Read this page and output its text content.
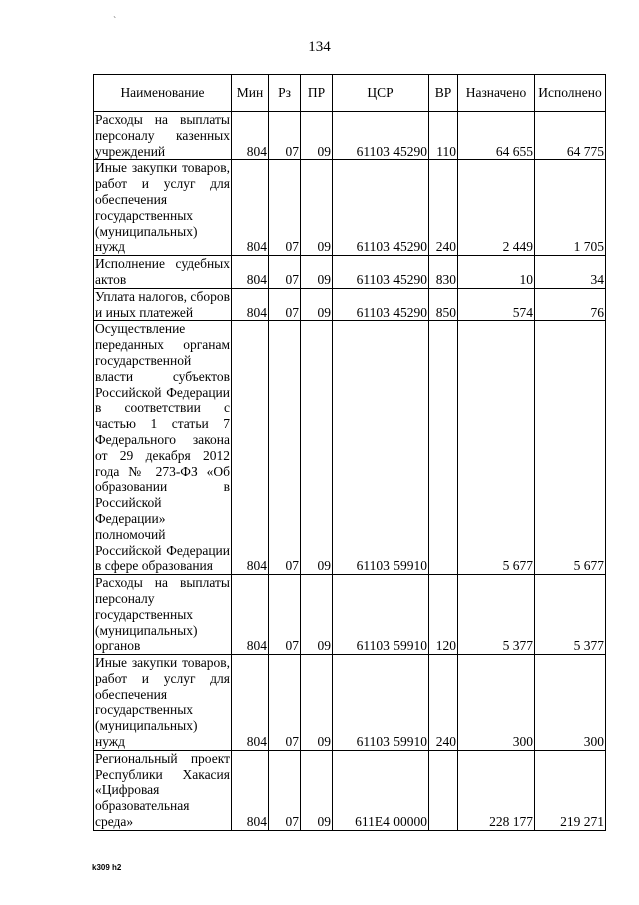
`
134
Наименование	Мин	Рз	ПР	ЦСР	ВР	Назначено	Исполнено
Расходы на выплаты персоналу казенных учреждений	804	07	09	61103 45290	110	64 655	64 775
Иные закупки товаров, работ и услуг для обеспечения государственных (муниципальных) нужд	804	07	09	61103 45290	240	2 449	1 705
Исполнение судебных актов	804	07	09	61103 45290	830	10	34
Уплата налогов, сборов и иных платежей	804	07	09	61103 45290	850	574	76
Осуществление переданных органам государственной власти субъектов Российской Федерации в соответствии с частью 1 статьи 7 Федерального закона от 29 декабря 2012 года № 273-ФЗ «Об образовании в Российской Федерации» полномочий Российской Федерации в сфере образования	804	07	09	61103 59910		5 677	5 677
Расходы на выплаты персоналу государственных (муниципальных) органов	804	07	09	61103 59910	120	5 377	5 377
Иные закупки товаров, работ и услуг для обеспечения государственных (муниципальных) нужд	804	07	09	61103 59910	240	300	300
Региональный проект Республики Хакасия «Цифровая образовательная среда»	804	07	09	611E4 00000		228 177	219 271
k309 h2
